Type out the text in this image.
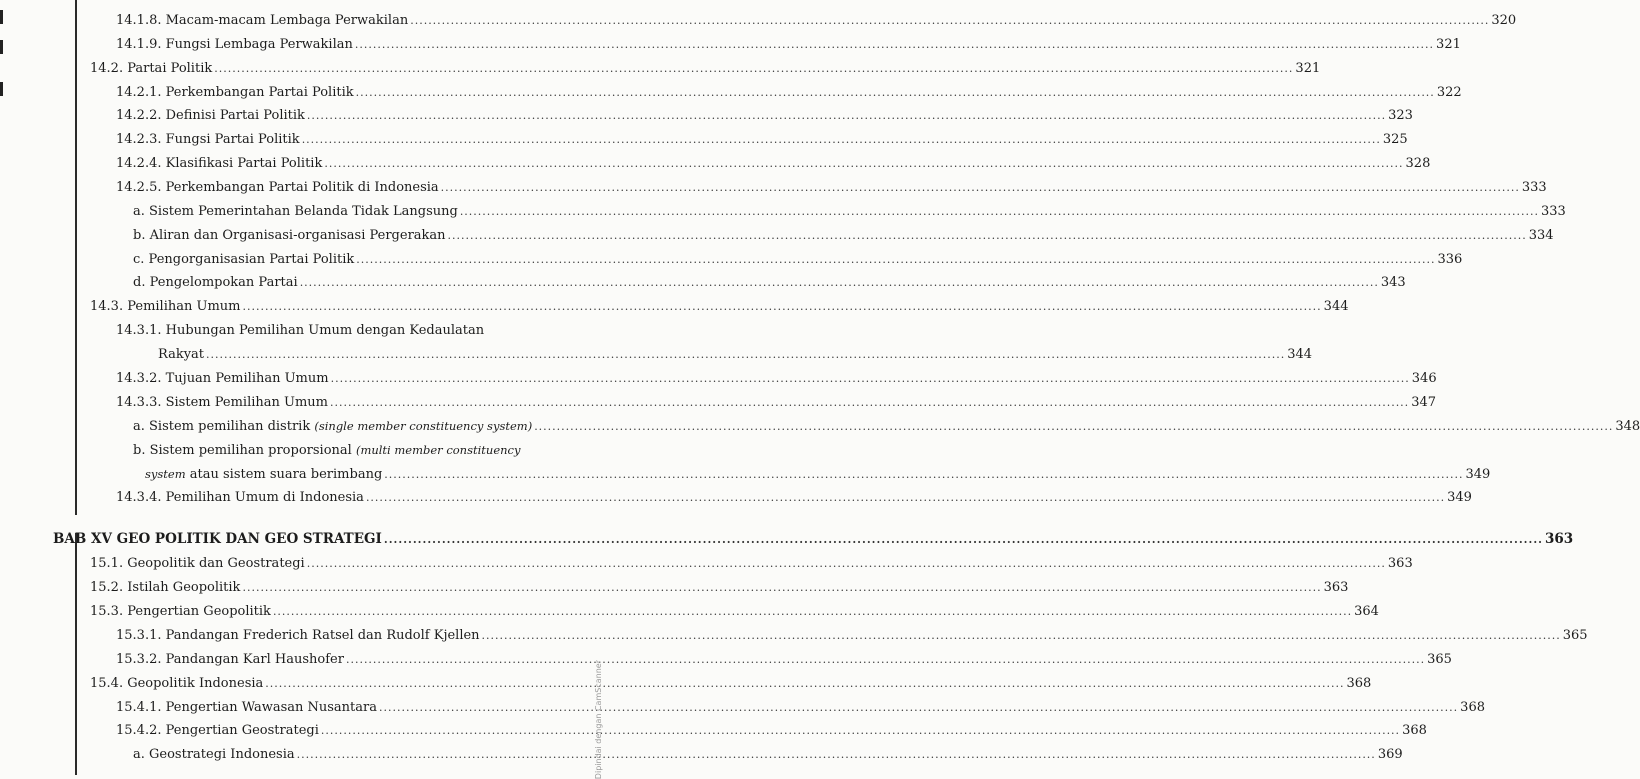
14.1.8. Macam-macam Lembaga Perwakilan .....	320
14.1.9. Fungsi Lembaga Perwakilan .....	321
14.2. Partai Politik .....	321
14.2.1. Perkembangan Partai Politik .....	322
14.2.2. Definisi Partai Politik .....	323
14.2.3. Fungsi Partai Politik .....	325
14.2.4. Klasifikasi Partai Politik .....	328
14.2.5. Perkembangan Partai Politik di Indonesia .....	333
a. Sistem Pemerintahan Belanda Tidak Langsung .....	333
b. Aliran dan Organisasi-organisasi Pergerakan .....	334
c. Pengorganisasian Partai Politik .....	336
d. Pengelompokan Partai .....	343
14.3. Pemilihan Umum .....	344
14.3.1. Hubungan Pemilihan Umum dengan Kedaulatan
Rakyat .....	344
14.3.2. Tujuan Pemilihan Umum .....	346
14.3.3. Sistem Pemilihan Umum .....	347
a. Sistem pemilihan distrik (single member constituency system) .....	348
b. Sistem pemilihan proporsional (multi member constituency
system atau sistem suara berimbang .....	349
14.3.4. Pemilihan Umum di Indonesia .....	349
BAB XV GEO POLITIK DAN GEO STRATEGI .....	363
15.1. Geopolitik dan Geostrategi .....	363
15.2. Istilah Geopolitik .....	363
15.3. Pengertian Geopolitik .....	364
15.3.1. Pandangan Frederich Ratsel dan Rudolf Kjellen .....	365
15.3.2. Pandangan Karl Haushofer .....	365
15.4. Geopolitik Indonesia .....	368
15.4.1. Pengertian Wawasan Nusantara .....	368
15.4.2. Pengertian Geostrategi .....	368
a. Geostrategi Indonesia .....	369
Dipindai dengan CamScanner
